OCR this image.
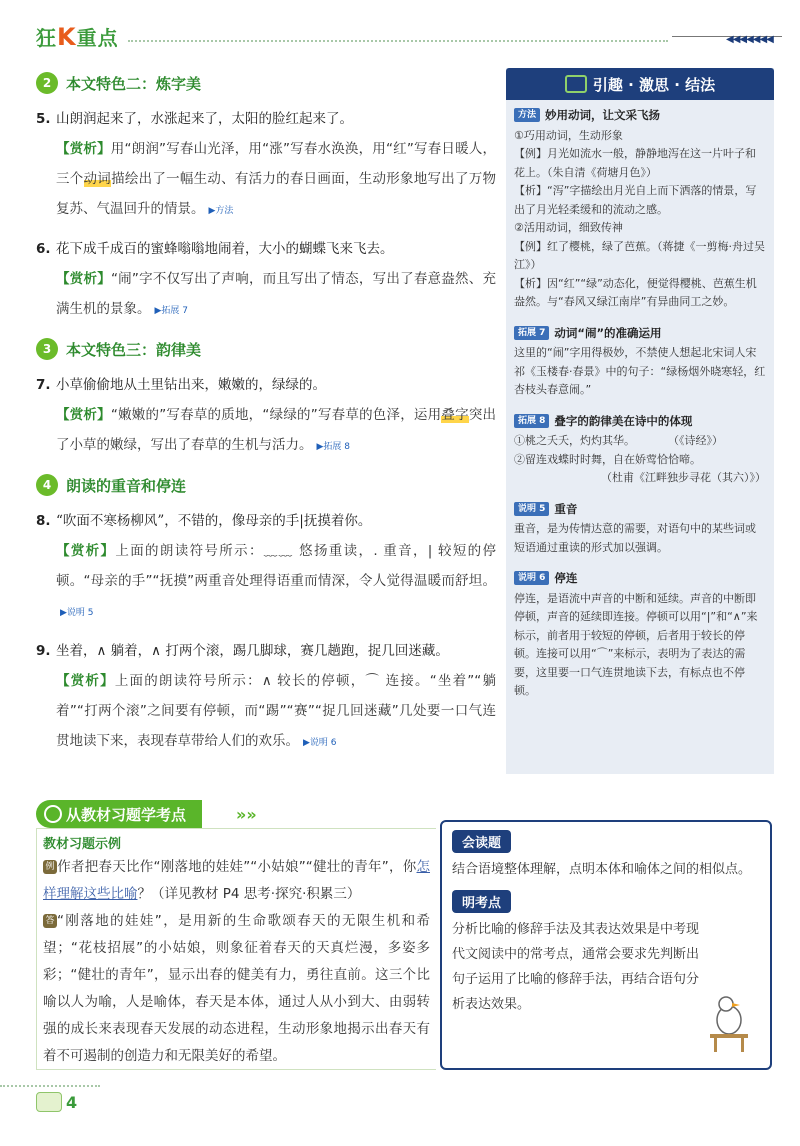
狂K重点	◀◀◀◀◀◀◀
2 本文特色二：炼字美
5. 山朗润起来了，水涨起来了，太阳的脸红起来了。
【赏析】用“朗润”写春山光泽，用“涨”写春水涣涣，用“红”写春日暖人，三个动词描绘出了一幅生动、有活力的春日画面，生动形象地写出了万物复苏、气温回升的情景。 ▶方法
6. 花下成千成百的蜜蜂嗡嗡地闹着，大小的蝴蝶飞来飞去。
【赏析】“闹”字不仅写出了声响，而且写出了情态，写出了春意盎然、充满生机的景象。 ▶拓展 7
3 本文特色三：韵律美
7. 小草偷偷地从土里钻出来，嫩嫩的，绿绿的。
【赏析】“嫩嫩的”写春草的质地，“绿绿的”写春草的色泽，运用叠字突出了小草的嫩绿，写出了春草的生机与活力。 ▶拓展 8
4 朗读的重音和停连
8. “吹面不寒杨柳风”，不错的，像母亲的手|抚摸着你。
【赏析】上面的朗读符号所示：﹏﹏ 悠扬重读，. 重音，| 较短的停顿。“母亲的手”“抚摸”两重音处理得语重而情深，令人觉得温暖而舒坦。▶说明 5
9. 坐着，∧ 躺着，∧ 打两个滚，踢几脚球，赛几趟跑，捉几回迷藏。
【赏析】上面的朗读符号所示：∧ 较长的停顿，⌒ 连接。“坐着”“躺着”“打两个滚”之间要有停顿，而“踢”“赛”“捉几回迷藏”几处要一口气连贯地读下来，表现春草带给人们的欢乐。 ▶说明 6
引趣 · 激思 · 结法
方法 妙用动词，让文采飞扬
①巧用动词，生动形象
【例】月光如流水一般，静静地泻在这一片叶子和花上。（朱自清《荷塘月色》）
【析】“泻”字描绘出月光自上而下洒落的情景，写出了月光轻柔缓和的流动之感。
②活用动词，细致传神
【例】红了樱桃，绿了芭蕉。（蒋捷《一剪梅·舟过吴江》）
【析】因“红”“绿”动态化，便觉得樱桃、芭蕉生机盎然。与“春风又绿江南岸”有异曲同工之妙。
拓展 7 动词“闹”的准确运用
这里的“闹”字用得极妙，不禁使人想起北宋词人宋祁《玉楼春·春景》中的句子：“绿杨烟外晓寒轻，红杏枝头春意闹。”
拓展 8 叠字的韵律美在诗中的体现
①桃之夭夭，灼灼其华。　　　　（《诗经》）
②留连戏蝶时时舞，自在娇莺恰恰啼。
（杜甫《江畔独步寻花（其六）》）
说明 5 重音
重音，是为传情达意的需要，对语句中的某些词或短语通过重读的形式加以强调。
说明 6 停连
停连，是语流中声音的中断和延续。声音的中断即停顿，声音的延续即连接。停顿可以用“|”和“∧”来标示，前者用于较短的停顿，后者用于较长的停顿。连接可以用“⌒”来标示，表明为了表达的需要，这里要一口气连贯地读下去，有标点也不停顿。
从教材习题学考点	»»
教材习题示例
例 作者把春天比作“刚落地的娃娃”“小姑娘”“健壮的青年”，你怎样理解这些比喻？（详见教材 P4 思考·探究·积累三）
答 “刚落地的娃娃”，是用新的生命歌颂春天的无限生机和希望；“花枝招展”的小姑娘，则象征着春天的天真烂漫，多姿多彩；“健壮的青年”，显示出春的健美有力，勇往直前。这三个比喻以人为喻，人是喻体，春天是本体，通过人从小到大、由弱转强的成长来表现春天发展的动态进程，生动形象地揭示出春天有着不可遏制的创造力和无限美好的希望。
会读题
结合语境整体理解，点明本体和喻体之间的相似点。
明考点
分析比喻的修辞手法及其表达效果是中考现代文阅读中的常考点，通常会要求先判断出句子运用了比喻的修辞手法，再结合语句分析表达效果。
4
